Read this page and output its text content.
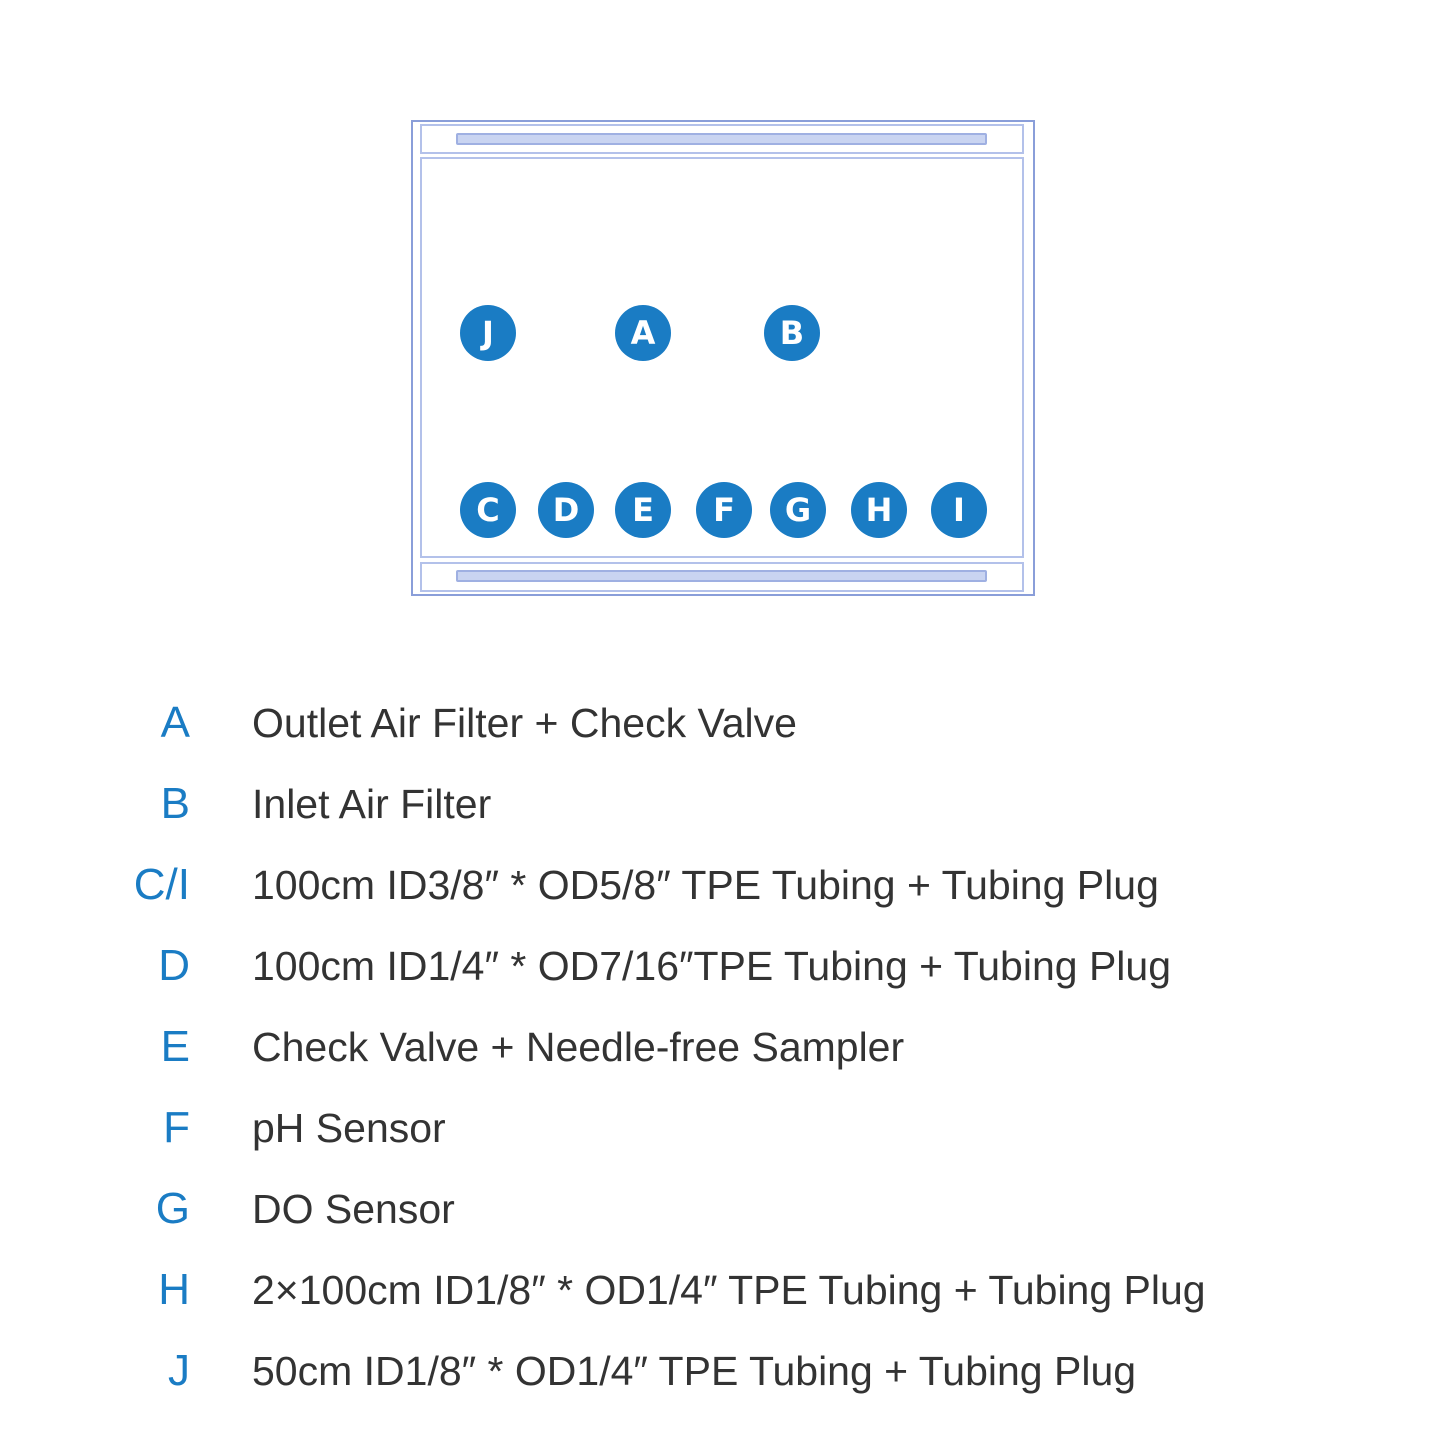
J	A	B
C	D	E	F	G	H	I
A Outlet Air Filter + Check Valve
B Inlet Air Filter
C/I 100cm ID3/8″ * OD5/8″ TPE Tubing + Tubing Plug
D 100cm ID1/4″ * OD7/16″TPE Tubing + Tubing Plug
E Check Valve + Needle-free Sampler
F pH Sensor
G DO Sensor
H 2×100cm ID1/8″ * OD1/4″ TPE Tubing + Tubing Plug
J 50cm ID1/8″ * OD1/4″ TPE Tubing + Tubing Plug
